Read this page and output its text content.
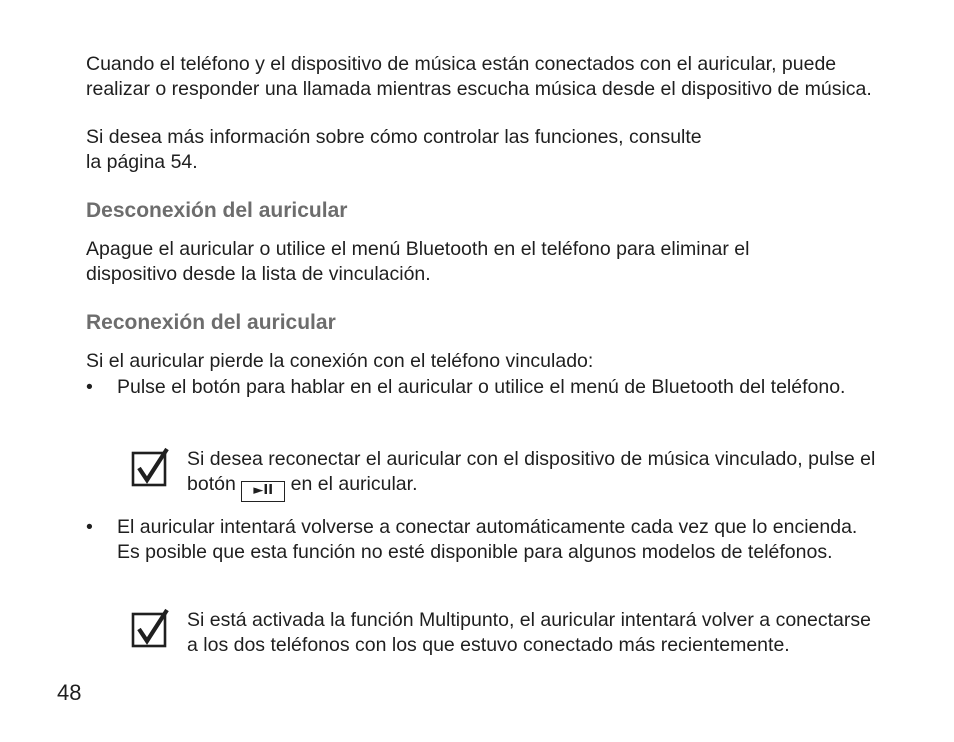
Cuando el teléfono y el dispositivo de música están conectados con el auricular, puede realizar o responder una llamada mientras escucha música desde el dispositivo de música.

Si desea más información sobre cómo controlar las funciones, consulte

la página 54.

Desconexión del auricular

Apague el auricular o utilice el menú Bluetooth en el teléfono para eliminar el dispositivo desde la lista de vinculación.

Reconexión del auricular

Si el auricular pierde la conexión con el teléfono vinculado:

• Pulse el botón para hablar en el auricular o utilice el menú de Bluetooth del teléfono.
Si desea reconectar el auricular con el dispositivo de música vinculado, pulse el botón ►II en el auricular.
• El auricular intentará volverse a conectar automáticamente cada vez que lo encienda. Es posible que esta función no esté disponible para algunos modelos de teléfonos.
Si está activada la función Multipunto, el auricular intentará volver a conectarse a los dos teléfonos con los que estuvo conectado más recientemente.
48
